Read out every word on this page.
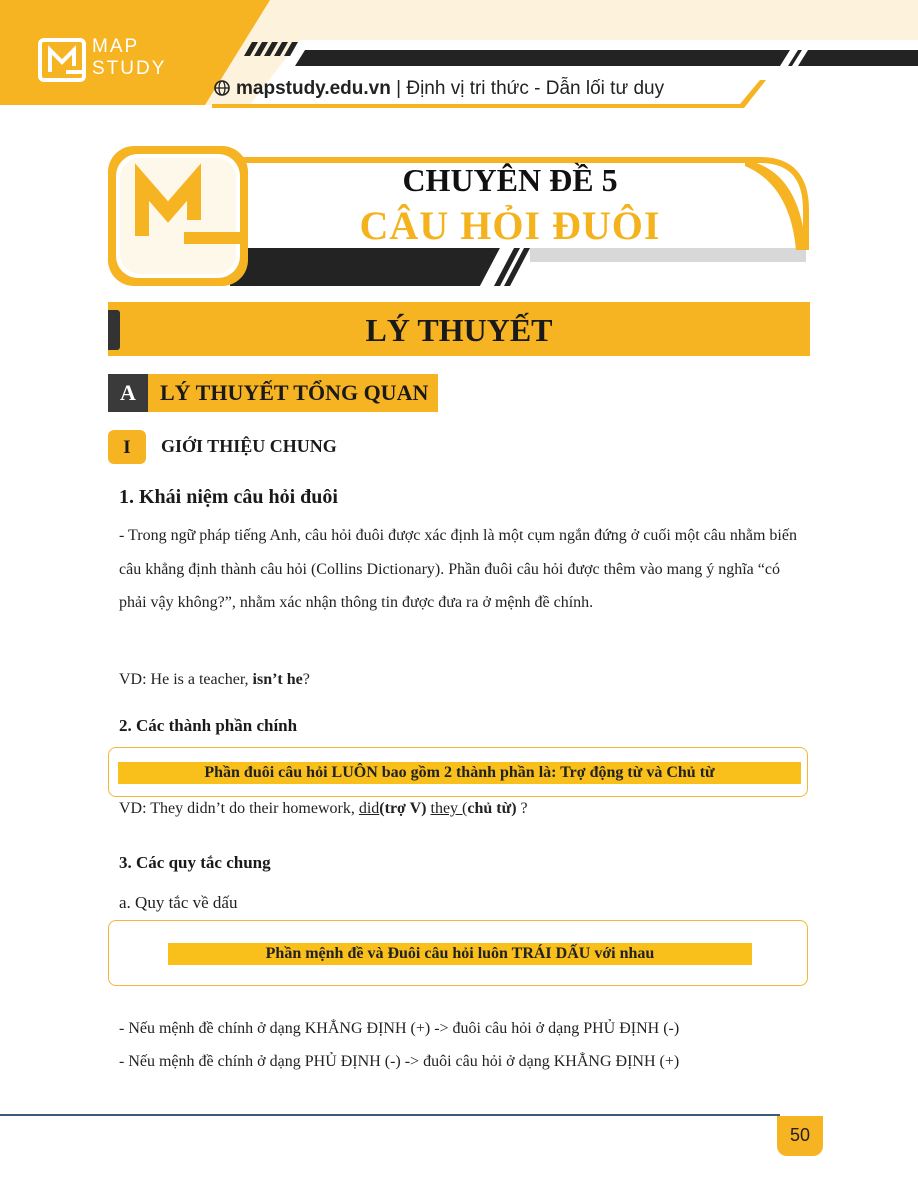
MAP
STUDY
mapstudy.edu.vn | Định vị tri thức - Dẫn lối tư duy
CHUYÊN ĐỀ 5
CÂU HỎI ĐUÔI
LÝ THUYẾT
A	LÝ THUYẾT TỔNG QUAN
I	GIỚI THIỆU CHUNG
1. Khái niệm câu hỏi đuôi
- Trong ngữ pháp tiếng Anh, câu hỏi đuôi được xác định là một cụm ngắn đứng ở cuối một câu nhằm biến câu khẳng định thành câu hỏi (Collins Dictionary). Phần đuôi câu hỏi được thêm vào mang ý nghĩa “có phải vậy không?”, nhằm xác nhận thông tin được đưa ra ở mệnh đề chính.
VD: He is a teacher, isn’t he?
2. Các thành phần chính
Phần đuôi câu hỏi LUÔN bao gồm 2 thành phần là: Trợ động từ và Chủ từ
VD: They didn’t do their homework, did(trợ V) they (chủ từ) ?
3. Các quy tắc chung
a. Quy tắc về dấu
Phần mệnh đề và Đuôi câu hỏi luôn TRÁI DẤU với nhau
- Nếu mệnh đề chính ở dạng KHẲNG ĐỊNH (+) -> đuôi câu hỏi ở dạng PHỦ ĐỊNH (-)
- Nếu mệnh đề chính ở dạng PHỦ ĐỊNH (-) -> đuôi câu hỏi ở dạng KHẲNG ĐỊNH (+)
50
